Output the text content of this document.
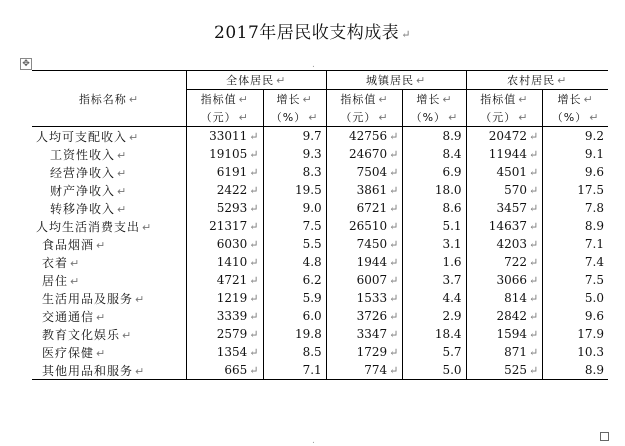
2017年居民收支构成表 ↵
✥	.
.
指标名称 ↵	全体居民 ↵		城镇居民 ↵		农村居民 ↵	
	指标值 ↵	增长 ↵	指标值 ↵	增长 ↵	指标值 ↵	增长 ↵
	（元） ↵	（%） ↵	（元） ↵	（%） ↵	（元） ↵	（%） ↵
人均可支配收入 ↵	33011 ↵	9.7	42756 ↵	8.9	20472 ↵	9.2
工资性收入 ↵	19105 ↵	9.3	24670 ↵	8.4	11944 ↵	9.1
经营净收入 ↵	6191 ↵	8.3	7504 ↵	6.9	4501 ↵	9.6
财产净收入 ↵	2422 ↵	19.5	3861 ↵	18.0	570 ↵	17.5
转移净收入 ↵	5293 ↵	9.0	6721 ↵	8.6	3457 ↵	7.8
人均生活消费支出 ↵	21317 ↵	7.5	26510 ↵	5.1	14637 ↵	8.9
食品烟酒 ↵	6030 ↵	5.5	7450 ↵	3.1	4203 ↵	7.1
衣着 ↵	1410 ↵	4.8	1944 ↵	1.6	722 ↵	7.4
居住 ↵	4721 ↵	6.2	6007 ↵	3.7	3066 ↵	7.5
生活用品及服务 ↵	1219 ↵	5.9	1533 ↵	4.4	814 ↵	5.0
交通通信 ↵	3339 ↵	6.0	3726 ↵	2.9	2842 ↵	9.6
教育文化娱乐 ↵	2579 ↵	19.8	3347 ↵	18.4	1594 ↵	17.9
医疗保健 ↵	1354 ↵	8.5	1729 ↵	5.7	871 ↵	10.3
其他用品和服务 ↵	665 ↵	7.1	774 ↵	5.0	525 ↵	8.9
